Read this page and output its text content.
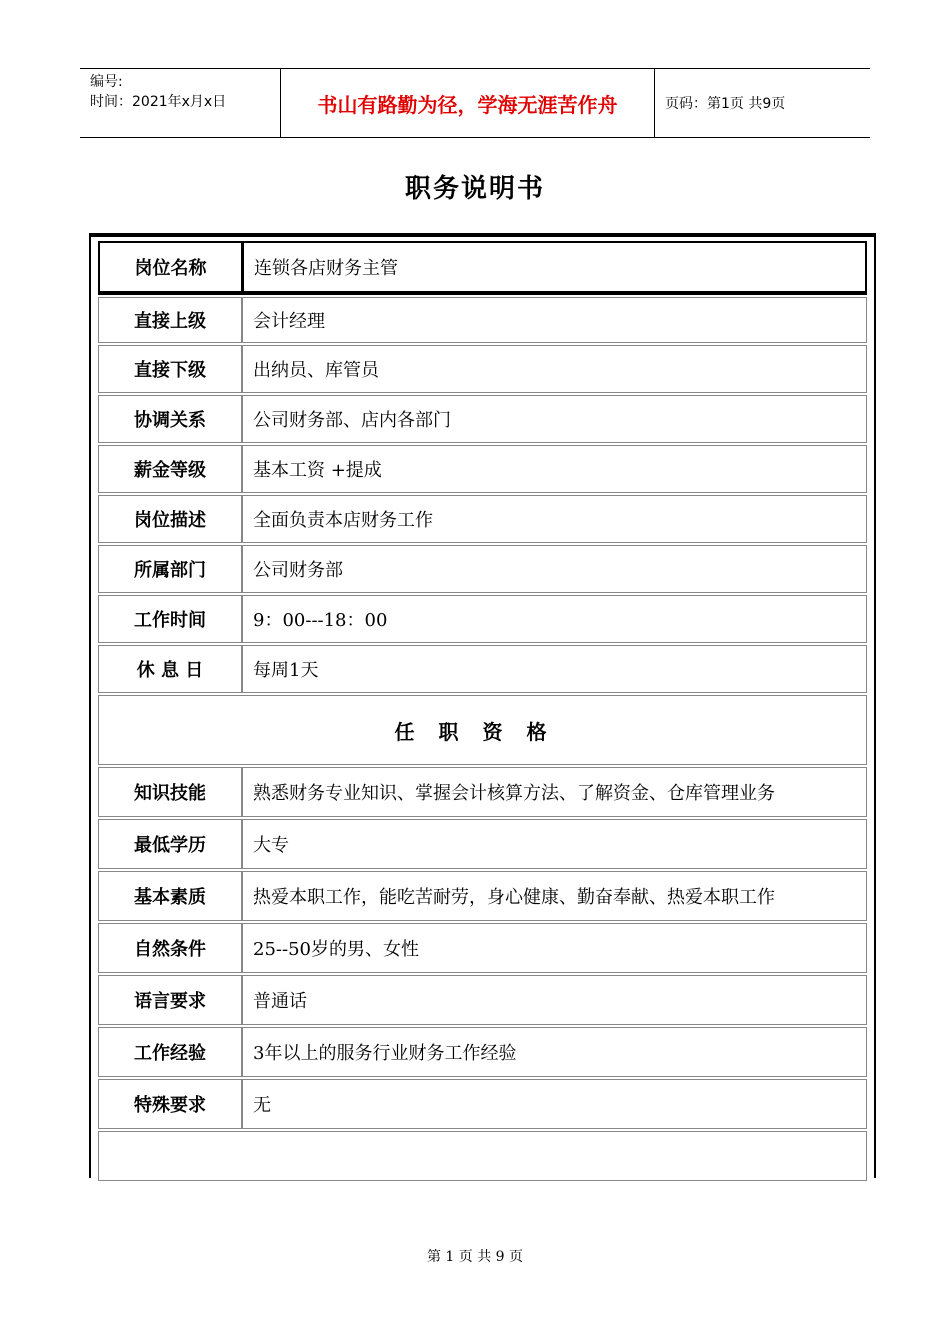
编号:
时间：2021年x月x日	书山有路勤为径，学海无涯苦作舟	页码：第1页 共9页
职务说明书
岗位名称	连锁各店财务主管
直接上级	会计经理
直接下级	出纳员、库管员
协调关系	公司财务部、店内各部门
薪金等级	基本工资 +提成
岗位描述	全面负责本店财务工作
所属部门	公司财务部
工作时间	9：00---18：00
休 息 日	每周1天
任职资格
知识技能	熟悉财务专业知识、掌握会计核算方法、了解资金、仓库管理业务
最低学历	大专
基本素质	热爱本职工作，能吃苦耐劳，身心健康、勤奋奉献、热爱本职工作
自然条件	25--50岁的男、女性
语言要求	普通话
工作经验	3年以上的服务行业财务工作经验
特殊要求	无
第 1 页 共 9 页
